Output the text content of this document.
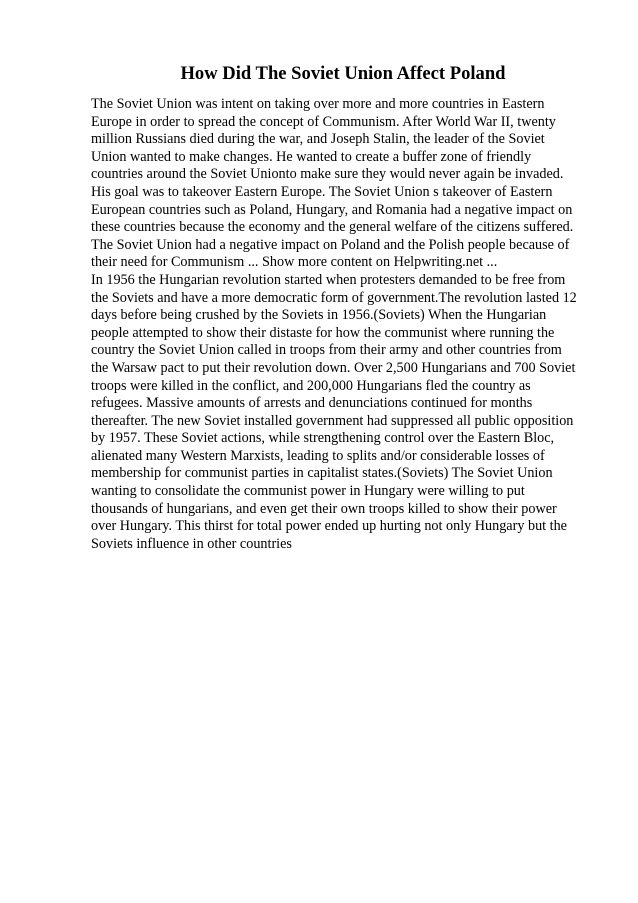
How Did The Soviet Union Affect Poland
The Soviet Union was intent on taking over more and more countries in Eastern
Europe in order to spread the concept of Communism. After World War II, twenty
million Russians died during the war, and Joseph Stalin, the leader of the Soviet
Union wanted to make changes. He wanted to create a buffer zone of friendly
countries around the Soviet Unionto make sure they would never again be invaded.
His goal was to takeover Eastern Europe. The Soviet Union s takeover of Eastern
European countries such as Poland, Hungary, and Romania had a negative impact on
these countries because the economy and the general welfare of the citizens suffered.
The Soviet Union had a negative impact on Poland and the Polish people because of
their need for Communism ... Show more content on Helpwriting.net ...
In 1956 the Hungarian revolution started when protesters demanded to be free from
the Soviets and have a more democratic form of government.The revolution lasted 12
days before being crushed by the Soviets in 1956.(Soviets) When the Hungarian
people attempted to show their distaste for how the communist where running the
country the Soviet Union called in troops from their army and other countries from
the Warsaw pact to put their revolution down. Over 2,500 Hungarians and 700 Soviet
troops were killed in the conflict, and 200,000 Hungarians fled the country as
refugees. Massive amounts of arrests and denunciations continued for months
thereafter. The new Soviet installed government had suppressed all public opposition
by 1957. These Soviet actions, while strengthening control over the Eastern Bloc,
alienated many Western Marxists, leading to splits and/or considerable losses of
membership for communist parties in capitalist states.(Soviets) The Soviet Union
wanting to consolidate the communist power in Hungary were willing to put
thousands of hungarians, and even get their own troops killed to show their power
over Hungary. This thirst for total power ended up hurting not only Hungary but the
Soviets influence in other countries
